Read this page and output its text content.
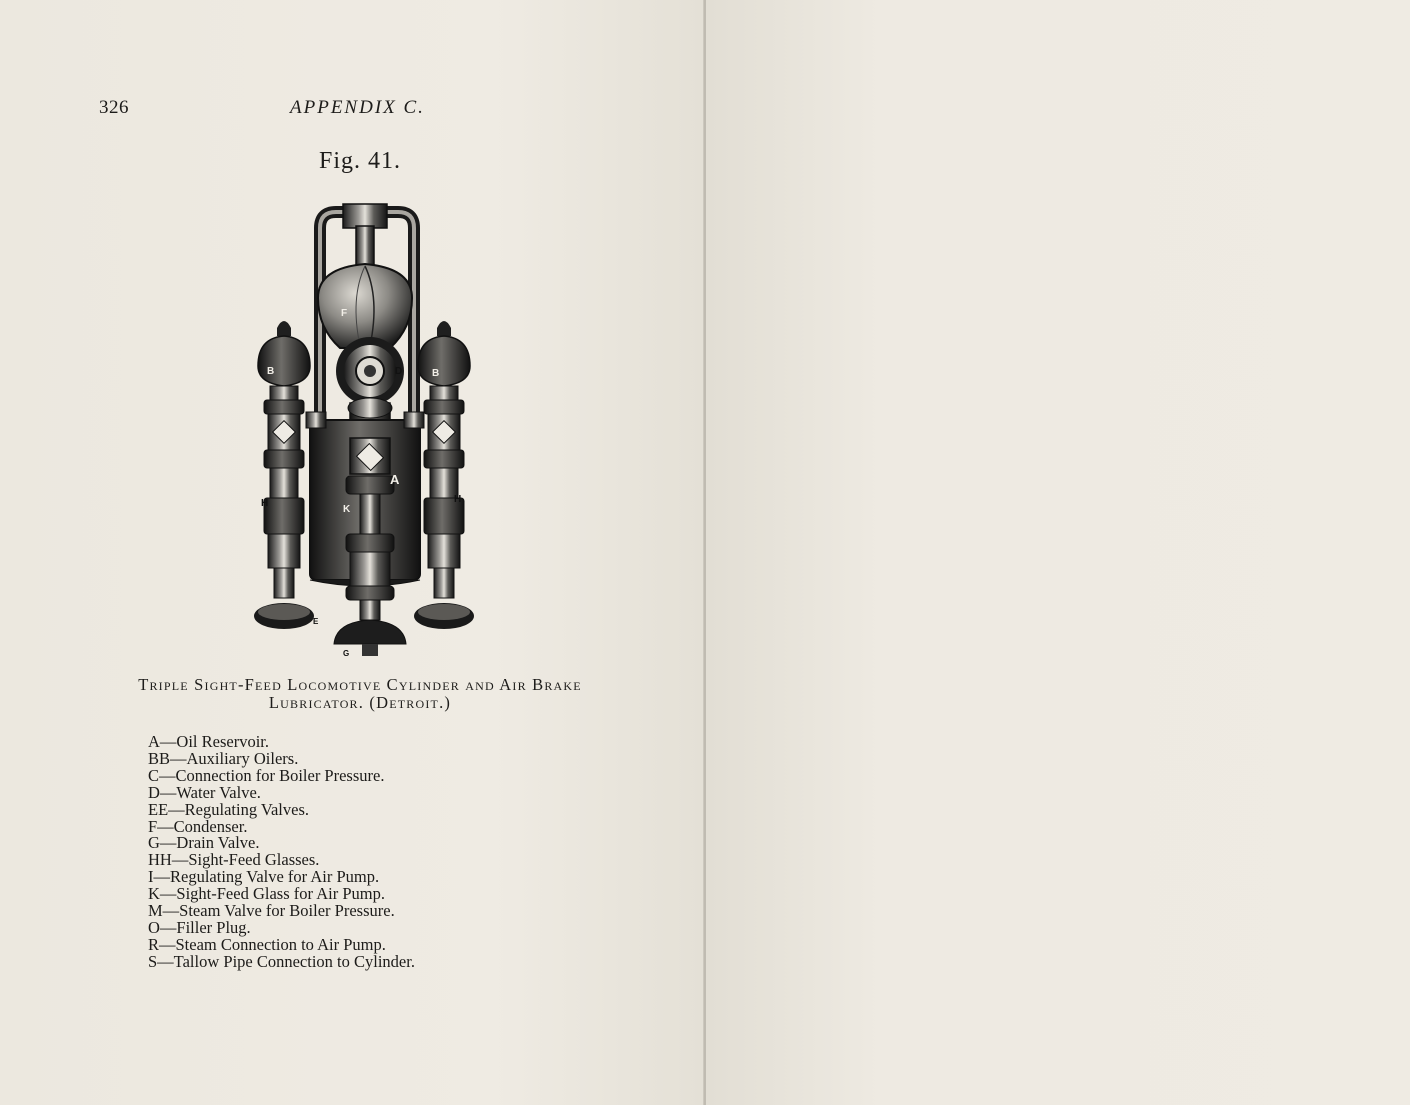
326	APPENDIX C.
Fig. 41.
F
D
B	B
A
K
H	H
E
G
Triple Sight-Feed Locomotive Cylinder and Air Brake
Lubricator. (Detroit.)
A—Oil Reservoir.
BB—Auxiliary Oilers.
C—Connection for Boiler Pressure.
D—Water Valve.
EE—Regulating Valves.
F—Condenser.
G—Drain Valve.
HH—Sight-Feed Glasses.
I—Regulating Valve for Air Pump.
K—Sight-Feed Glass for Air Pump.
M—Steam Valve for Boiler Pressure.
O—Filler Plug.
R—Steam Connection to Air Pump.
S—Tallow Pipe Connection to Cylinder.
